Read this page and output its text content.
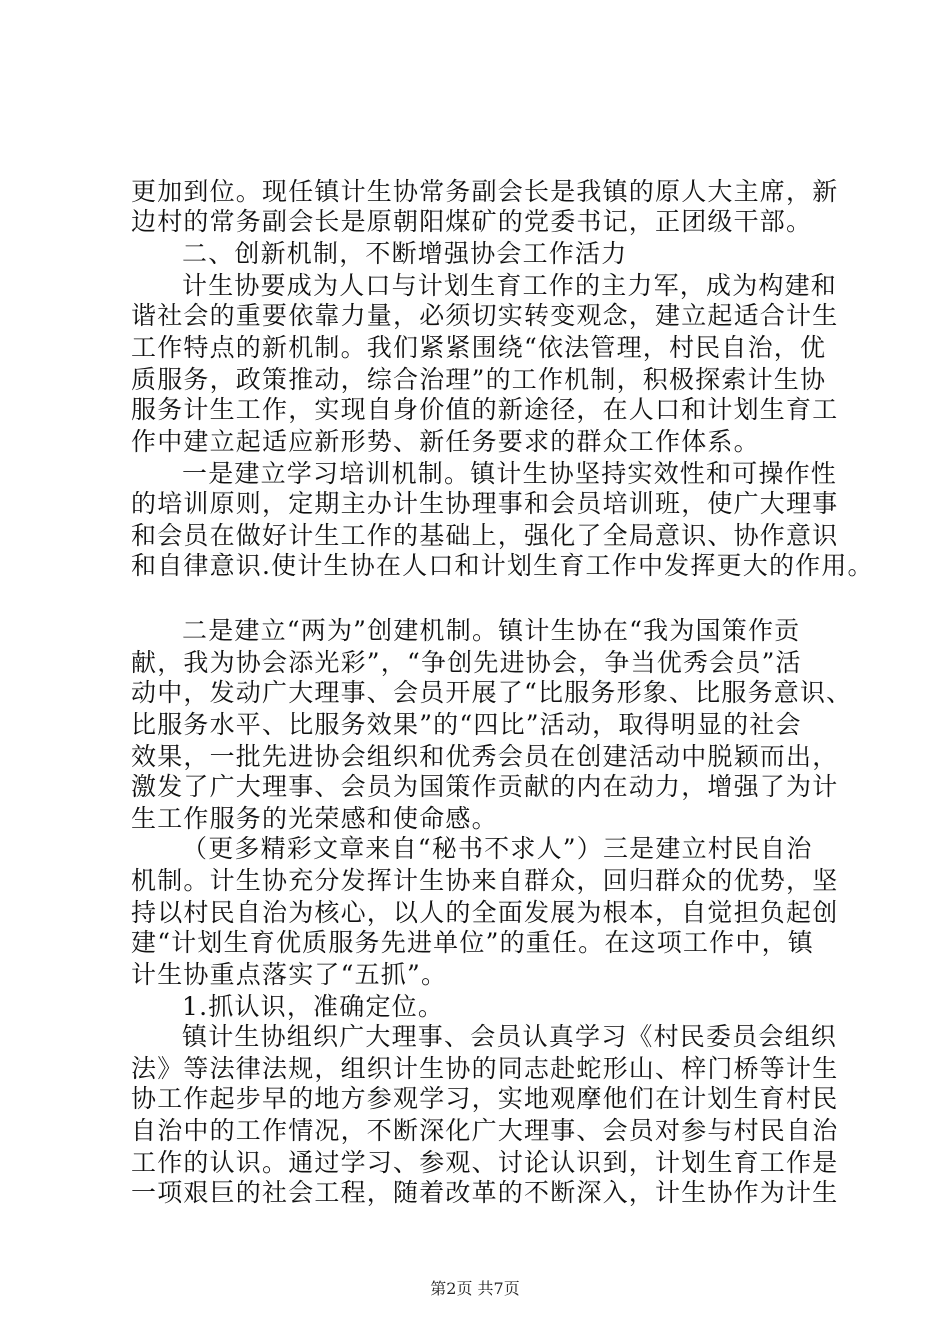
更加到位。现任镇计生协常务副会长是我镇的原人大主席，新
边村的常务副会长是原朝阳煤矿的党委书记，正团级干部。
二、创新机制，不断增强协会工作活力
计生协要成为人口与计划生育工作的主力军，成为构建和
谐社会的重要依靠力量，必须切实转变观念，建立起适合计生
工作特点的新机制。我们紧紧围绕“依法管理，村民自治，优
质服务，政策推动，综合治理”的工作机制，积极探索计生协
服务计生工作，实现自身价值的新途径，在人口和计划生育工
作中建立起适应新形势、新任务要求的群众工作体系。
一是建立学习培训机制。镇计生协坚持实效性和可操作性
的培训原则，定期主办计生协理事和会员培训班，使广大理事
和会员在做好计生工作的基础上，强化了全局意识、协作意识
和自律意识.使计生协在人口和计划生育工作中发挥更大的作用。
二是建立“两为”创建机制。镇计生协在“我为国策作贡
献，我为协会添光彩”，“争创先进协会，争当优秀会员”活
动中，发动广大理事、会员开展了“比服务形象、比服务意识、
比服务水平、比服务效果”的“四比”活动，取得明显的社会
效果，一批先进协会组织和优秀会员在创建活动中脱颖而出，
激发了广大理事、会员为国策作贡献的内在动力，增强了为计
生工作服务的光荣感和使命感。
（更多精彩文章来自“秘书不求人”）三是建立村民自治
机制。计生协充分发挥计生协来自群众，回归群众的优势，坚
持以村民自治为核心，以人的全面发展为根本，自觉担负起创
建“计划生育优质服务先进单位”的重任。在这项工作中，镇
计生协重点落实了“五抓”。
1.抓认识，准确定位。
镇计生协组织广大理事、会员认真学习《村民委员会组织
法》等法律法规，组织计生协的同志赴蛇形山、梓门桥等计生
协工作起步早的地方参观学习，实地观摩他们在计划生育村民
自治中的工作情况，不断深化广大理事、会员对参与村民自治
工作的认识。通过学习、参观、讨论认识到，计划生育工作是
一项艰巨的社会工程，随着改革的不断深入，计生协作为计生
第2页 共7页
